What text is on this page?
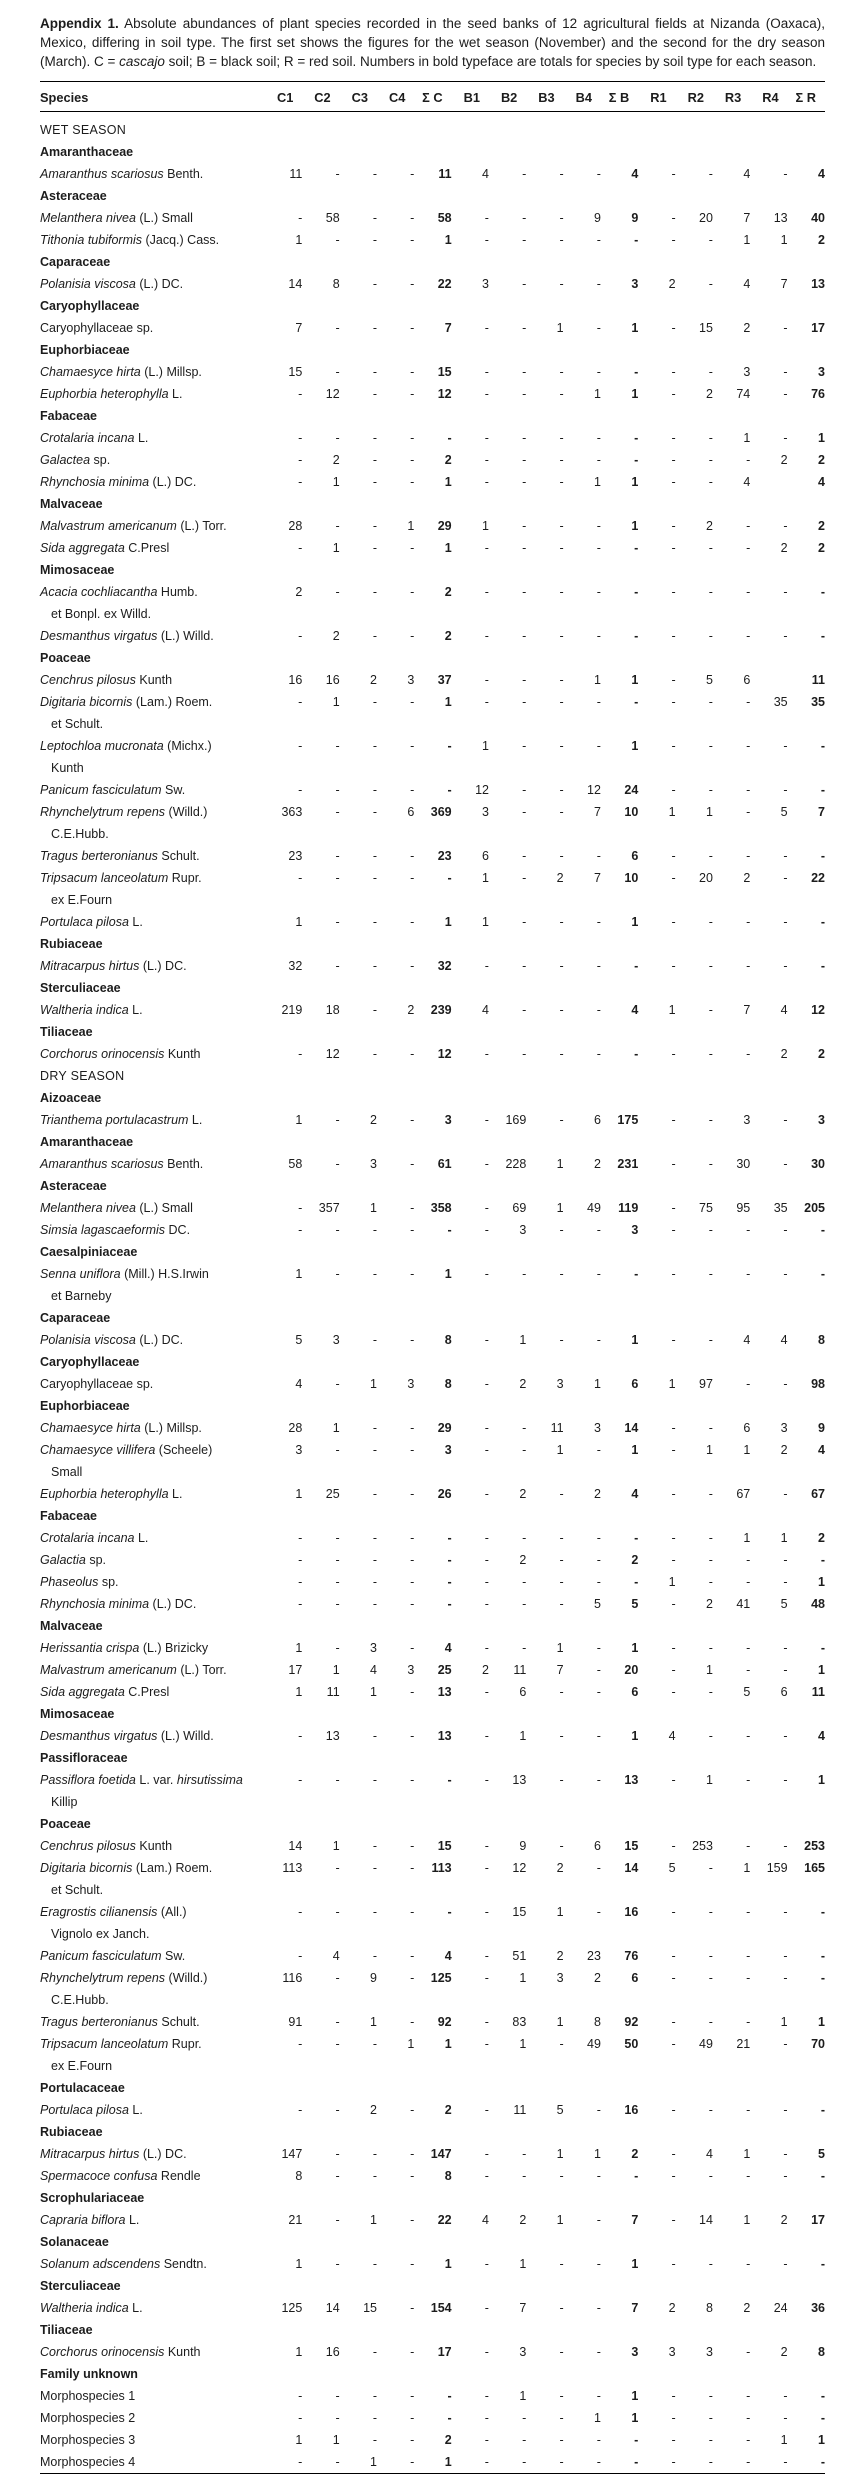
Appendix 1. Absolute abundances of plant species recorded in the seed banks of 12 agricultural fields at Nizanda (Oaxaca), Mexico, differing in soil type. The first set shows the figures for the wet season (November) and the second for the dry season (March). C = cascajo soil; B = black soil; R = red soil. Numbers in bold typeface are totals for species by soil type for each season.

Species	C1	C2	C3	C4	Σ C	B1	B2	B3	B4	Σ B	R1	R2	R3	R4	Σ R
WET SEASON															
Amaranthaceae															
Amaranthus scariosus Benth.	11	-	-	-	11	4	-	-	-	4	-	-	4	-	4
Asteraceae															
Melanthera nivea (L.) Small	-	58	-	-	58	-	-	-	9	9	-	20	7	13	40
Tithonia tubiformis (Jacq.) Cass.	1	-	-	-	1	-	-	-	-	-	-	-	1	1	2
Caparaceae															
Polanisia viscosa (L.) DC.	14	8	-	-	22	3	-	-	-	3	2	-	4	7	13
Caryophyllaceae															
Caryophyllaceae sp.	7	-	-	-	7	-	-	1	-	1	-	15	2	-	17
Euphorbiaceae															
Chamaesyce hirta (L.) Millsp.	15	-	-	-	15	-	-	-	-	-	-	-	3	-	3
Euphorbia heterophylla L.	-	12	-	-	12	-	-	-	1	1	-	2	74	-	76
Fabaceae															
Crotalaria incana L.	-	-	-	-	-	-	-	-	-	-	-	-	1	-	1
Galactea sp.	-	2	-	-	2	-	-	-	-	-	-	-	-	2	2
Rhynchosia minima (L.) DC.	-	1	-	-	1	-	-	-	1	1	-	-	4		4
Malvaceae															
Malvastrum americanum (L.) Torr.	28	-	-	1	29	1	-	-	-	1	-	2	-	-	2
Sida aggregata C.Presl	-	1	-	-	1	-	-	-	-	-	-	-	-	2	2
Mimosaceae															
Acacia cochliacantha Humb.
et Bonpl. ex Willd.	2	-	-	-	2	-	-	-	-	-	-	-	-	-	-
Desmanthus virgatus (L.) Willd.	-	2	-	-	2	-	-	-	-	-	-	-	-	-	-
Poaceae															
Cenchrus pilosus Kunth	16	16	2	3	37	-	-	-	1	1	-	5	6		11
Digitaria bicornis (Lam.) Roem.
et Schult.	-	1	-	-	1	-	-	-	-	-	-	-	-	35	35
Leptochloa mucronata (Michx.)
Kunth	-	-	-	-	-	1	-	-	-	1	-	-	-	-	-
Panicum fasciculatum Sw.	-	-	-	-	-	12	-	-	12	24	-	-	-	-	-
Rhynchelytrum repens (Willd.)
C.E.Hubb.	363	-	-	6	369	3	-	-	7	10	1	1	-	5	7
Tragus berteronianus Schult.	23	-	-	-	23	6	-	-	-	6	-	-	-	-	-
Tripsacum lanceolatum Rupr.
ex E.Fourn	-	-	-	-	-	1	-	2	7	10	-	20	2	-	22
Portulaca pilosa L.	1	-	-	-	1	1	-	-	-	1	-	-	-	-	-
Rubiaceae															
Mitracarpus hirtus (L.) DC.	32	-	-	-	32	-	-	-	-	-	-	-	-	-	-
Sterculiaceae															
Waltheria indica L.	219	18	-	2	239	4	-	-	-	4	1	-	7	4	12
Tiliaceae															
Corchorus orinocensis Kunth	-	12	-	-	12	-	-	-	-	-	-	-	-	2	2
DRY SEASON															
Aizoaceae															
Trianthema portulacastrum L.	1	-	2	-	3	-	169	-	6	175	-	-	3	-	3
Amaranthaceae															
Amaranthus scariosus Benth.	58	-	3	-	61	-	228	1	2	231	-	-	30	-	30
Asteraceae															
Melanthera nivea (L.) Small	-	357	1	-	358	-	69	1	49	119	-	75	95	35	205
Simsia lagascaeformis DC.	-	-	-	-	-	-	3	-	-	3	-	-	-	-	-
Caesalpiniaceae															
Senna uniflora (Mill.) H.S.Irwin
et Barneby	1	-	-	-	1	-	-	-	-	-	-	-	-	-	-
Caparaceae															
Polanisia viscosa (L.) DC.	5	3	-	-	8	-	1	-	-	1	-	-	4	4	8
Caryophyllaceae															
Caryophyllaceae sp.	4	-	1	3	8	-	2	3	1	6	1	97	-	-	98
Euphorbiaceae															
Chamaesyce hirta (L.) Millsp.	28	1	-	-	29	-	-	11	3	14	-	-	6	3	9
Chamaesyce villifera (Scheele)
Small	3	-	-	-	3	-	-	1	-	1	-	1	1	2	4
Euphorbia heterophylla L.	1	25	-	-	26	-	2	-	2	4	-	-	67	-	67
Fabaceae															
Crotalaria incana L.	-	-	-	-	-	-	-	-	-	-	-	-	1	1	2
Galactia sp.	-	-	-	-	-	-	2	-	-	2	-	-	-	-	-
Phaseolus sp.	-	-	-	-	-	-	-	-	-	-	1	-	-	-	1
Rhynchosia minima (L.) DC.	-	-	-	-	-	-	-	-	5	5	-	2	41	5	48
Malvaceae															
Herissantia crispa (L.) Brizicky	1	-	3	-	4	-	-	1	-	1	-	-	-	-	-
Malvastrum americanum (L.) Torr.	17	1	4	3	25	2	11	7	-	20	-	1	-	-	1
Sida aggregata C.Presl	1	11	1	-	13	-	6	-	-	6	-	-	5	6	11
Mimosaceae															
Desmanthus virgatus (L.) Willd.	-	13	-	-	13	-	1	-	-	1	4	-	-	-	4
Passifloraceae															
Passiflora foetida L. var. hirsutissima
Killip	-	-	-	-	-	-	13	-	-	13	-	1	-	-	1
Poaceae															
Cenchrus pilosus Kunth	14	1	-	-	15	-	9	-	6	15	-	253	-	-	253
Digitaria bicornis (Lam.) Roem.
et Schult.	113	-	-	-	113	-	12	2	-	14	5	-	1	159	165
Eragrostis cilianensis (All.)
Vignolo ex Janch.	-	-	-	-	-	-	15	1	-	16	-	-	-	-	-
Panicum fasciculatum Sw.	-	4	-	-	4	-	51	2	23	76	-	-	-	-	-
Rhynchelytrum repens (Willd.)
C.E.Hubb.	116	-	9	-	125	-	1	3	2	6	-	-	-	-	-
Tragus berteronianus Schult.	91	-	1	-	92	-	83	1	8	92	-	-	-	1	1
Tripsacum lanceolatum Rupr.
ex E.Fourn	-	-	-	1	1	-	1	-	49	50	-	49	21	-	70
Portulacaceae															
Portulaca pilosa L.	-	-	2	-	2	-	11	5	-	16	-	-	-	-	-
Rubiaceae															
Mitracarpus hirtus (L.) DC.	147	-	-	-	147	-	-	1	1	2	-	4	1	-	5
Spermacoce confusa Rendle	8	-	-	-	8	-	-	-	-	-	-	-	-	-	-
Scrophulariaceae															
Capraria biflora L.	21	-	1	-	22	4	2	1	-	7	-	14	1	2	17
Solanaceae															
Solanum adscendens Sendtn.	1	-	-	-	1	-	1	-	-	1	-	-	-	-	-
Sterculiaceae															
Waltheria indica L.	125	14	15	-	154	-	7	-	-	7	2	8	2	24	36
Tiliaceae															
Corchorus orinocensis Kunth	1	16	-	-	17	-	3	-	-	3	3	3	-	2	8
Family unknown															
Morphospecies 1	-	-	-	-	-	-	1	-	-	1	-	-	-	-	-
Morphospecies 2	-	-	-	-	-	-	-	-	1	1	-	-	-	-	-
Morphospecies 3	1	1	-	-	2	-	-	-	-	-	-	-	-	1	1
Morphospecies 4	-	-	1	-	1	-	-	-	-	-	-	-	-	-	-
